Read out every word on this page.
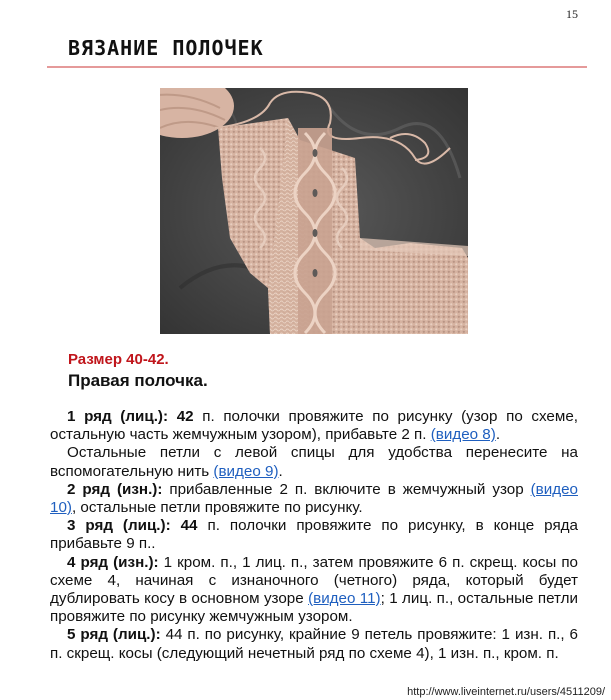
15
ВЯЗАНИЕ ПОЛОЧЕК
Размер 40-42.
Правая полочка.

1 ряд (лиц.): 42 п. полочки провяжите по рисунку (узор по схеме, остальную часть жемчужным узором), прибавьте 2 п. (видео 8).

Остальные петли с левой спицы для удобства перенесите на вспомогательную нить (видео 9).

2 ряд (изн.): прибавленные 2 п. включите в жемчужный узор (видео 10), остальные петли провяжите по рисунку.

3 ряд (лиц.): 44 п. полочки провяжите по рисунку, в конце ряда прибавьте 9 п..

4 ряд (изн.): 1 кром. п., 1 лиц. п., затем провяжите 6 п. скрещ. косы по схеме 4, начиная с изнаночного (четного) ряда, который будет дублировать косу в основном узоре (видео 11); 1 лиц. п., остальные петли провяжите по рисунку жемчужным узором.

5 ряд (лиц.): 44 п. по рисунку, крайние 9 петель провяжите: 1 изн. п., 6 п. скрещ. косы (следующий нечетный ряд по схеме 4), 1 изн. п., кром. п.

http://www.liveinternet.ru/users/4511209/
